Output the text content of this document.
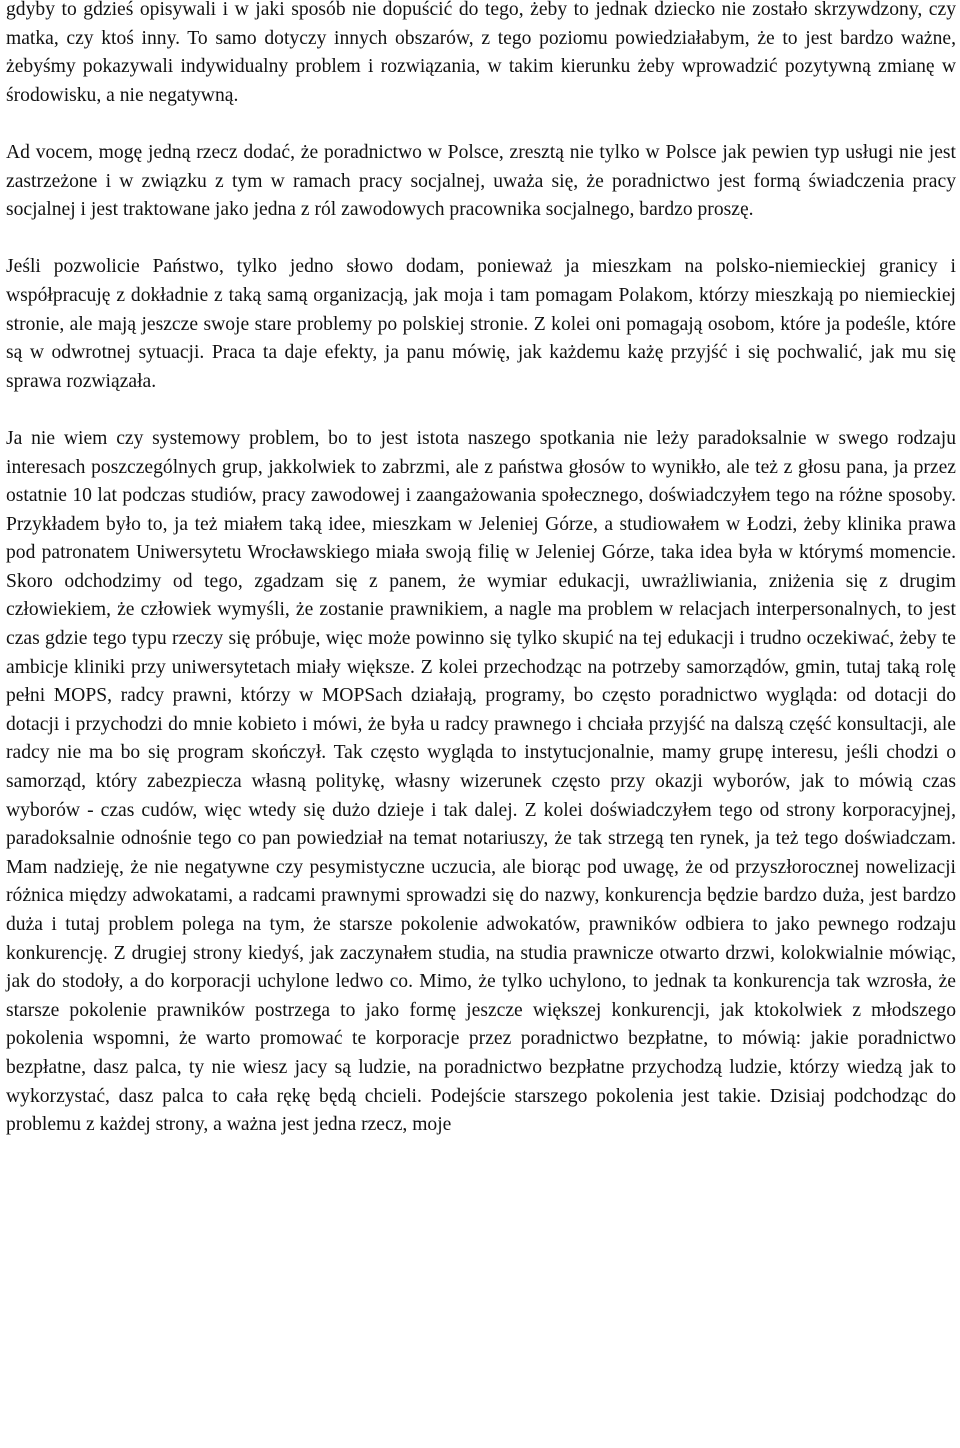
gdyby to gdzieś opisywali i w jaki sposób nie dopuścić do tego, żeby to jednak dziecko nie zostało skrzywdzony, czy matka, czy ktoś inny. To samo dotyczy innych obszarów, z tego poziomu powiedziałabym, że to jest bardzo ważne, żebyśmy pokazywali indywidualny problem i rozwiązania, w takim kierunku żeby wprowadzić pozytywną zmianę w środowisku, a nie negatywną.

Ad vocem, mogę jedną rzecz dodać, że poradnictwo w Polsce, zresztą nie tylko w Polsce jak pewien typ usługi nie jest zastrzeżone i w związku z tym w ramach pracy socjalnej, uważa się, że poradnictwo jest formą świadczenia pracy socjalnej i jest traktowane jako jedna z ról zawodowych pracownika socjalnego, bardzo proszę.

Jeśli pozwolicie Państwo, tylko jedno słowo dodam, ponieważ ja mieszkam na polsko-niemieckiej granicy i współpracuję z dokładnie z taką samą organizacją, jak moja i tam pomagam Polakom, którzy mieszkają po niemieckiej stronie, ale mają jeszcze swoje stare problemy po polskiej stronie. Z kolei oni pomagają osobom, które ja podeśle, które są w odwrotnej sytuacji. Praca ta daje efekty, ja panu mówię, jak każdemu każę przyjść i się pochwalić, jak mu się sprawa rozwiązała.

Ja nie wiem czy systemowy problem, bo to jest istota naszego spotkania nie leży paradoksalnie w swego rodzaju interesach poszczególnych grup, jakkolwiek to zabrzmi, ale z państwa głosów to wynikło, ale też z głosu pana, ja przez ostatnie 10 lat podczas studiów, pracy zawodowej i zaangażowania społecznego, doświadczyłem tego na różne sposoby. Przykładem było to, ja też miałem taką idee, mieszkam w Jeleniej Górze, a studiowałem w Łodzi, żeby klinika prawa pod patronatem Uniwersytetu Wrocławskiego miała swoją filię w Jeleniej Górze, taka idea była w którymś momencie. Skoro odchodzimy od tego, zgadzam się z panem, że wymiar edukacji, uwrażliwiania, zniżenia się z drugim człowiekiem, że człowiek wymyśli, że zostanie prawnikiem, a nagle ma problem w relacjach interpersonalnych, to jest czas gdzie tego typu rzeczy się próbuje, więc może powinno się tylko skupić na tej edukacji i trudno oczekiwać, żeby te ambicje kliniki przy uniwersytetach miały większe. Z kolei przechodząc na potrzeby samorządów, gmin, tutaj taką rolę pełni MOPS, radcy prawni, którzy w MOPSach działają, programy, bo często poradnictwo wygląda: od dotacji do dotacji i przychodzi do mnie kobieto i mówi, że była u radcy prawnego i chciała przyjść na dalszą część konsultacji, ale radcy nie ma bo się program skończył. Tak często wygląda to instytucjonalnie, mamy grupę interesu, jeśli chodzi o samorząd, który zabezpiecza własną politykę, własny wizerunek często przy okazji wyborów, jak to mówią czas wyborów - czas cudów, więc wtedy się dużo dzieje i tak dalej. Z kolei doświadczyłem tego od strony korporacyjnej, paradoksalnie odnośnie tego co pan powiedział na temat notariuszy, że tak strzegą ten rynek, ja też tego doświadczam. Mam nadzieję, że nie negatywne czy pesymistyczne uczucia, ale biorąc pod uwagę, że od przyszłorocznej nowelizacji różnica między adwokatami, a radcami prawnymi sprowadzi się do nazwy, konkurencja będzie bardzo duża, jest bardzo duża i tutaj problem polega na tym, że starsze pokolenie adwokatów, prawników odbiera to jako pewnego rodzaju konkurencję. Z drugiej strony kiedyś, jak zaczynałem studia, na studia prawnicze otwarto drzwi, kolokwialnie mówiąc, jak do stodoły, a do korporacji uchylone ledwo co. Mimo, że tylko uchylono, to jednak ta konkurencja tak wzrosła, że starsze pokolenie prawników postrzega to jako formę jeszcze większej konkurencji, jak ktokolwiek z młodszego pokolenia wspomni, że warto promować te korporacje przez poradnictwo bezpłatne, to mówią: jakie poradnictwo bezpłatne, dasz palca, ty nie wiesz jacy są ludzie, na poradnictwo bezpłatne przychodzą ludzie, którzy wiedzą jak to wykorzystać, dasz palca to cała rękę będą chcieli. Podejście starszego pokolenia jest takie. Dzisiaj podchodząc do problemu z każdej strony, a ważna jest jedna rzecz, moje
